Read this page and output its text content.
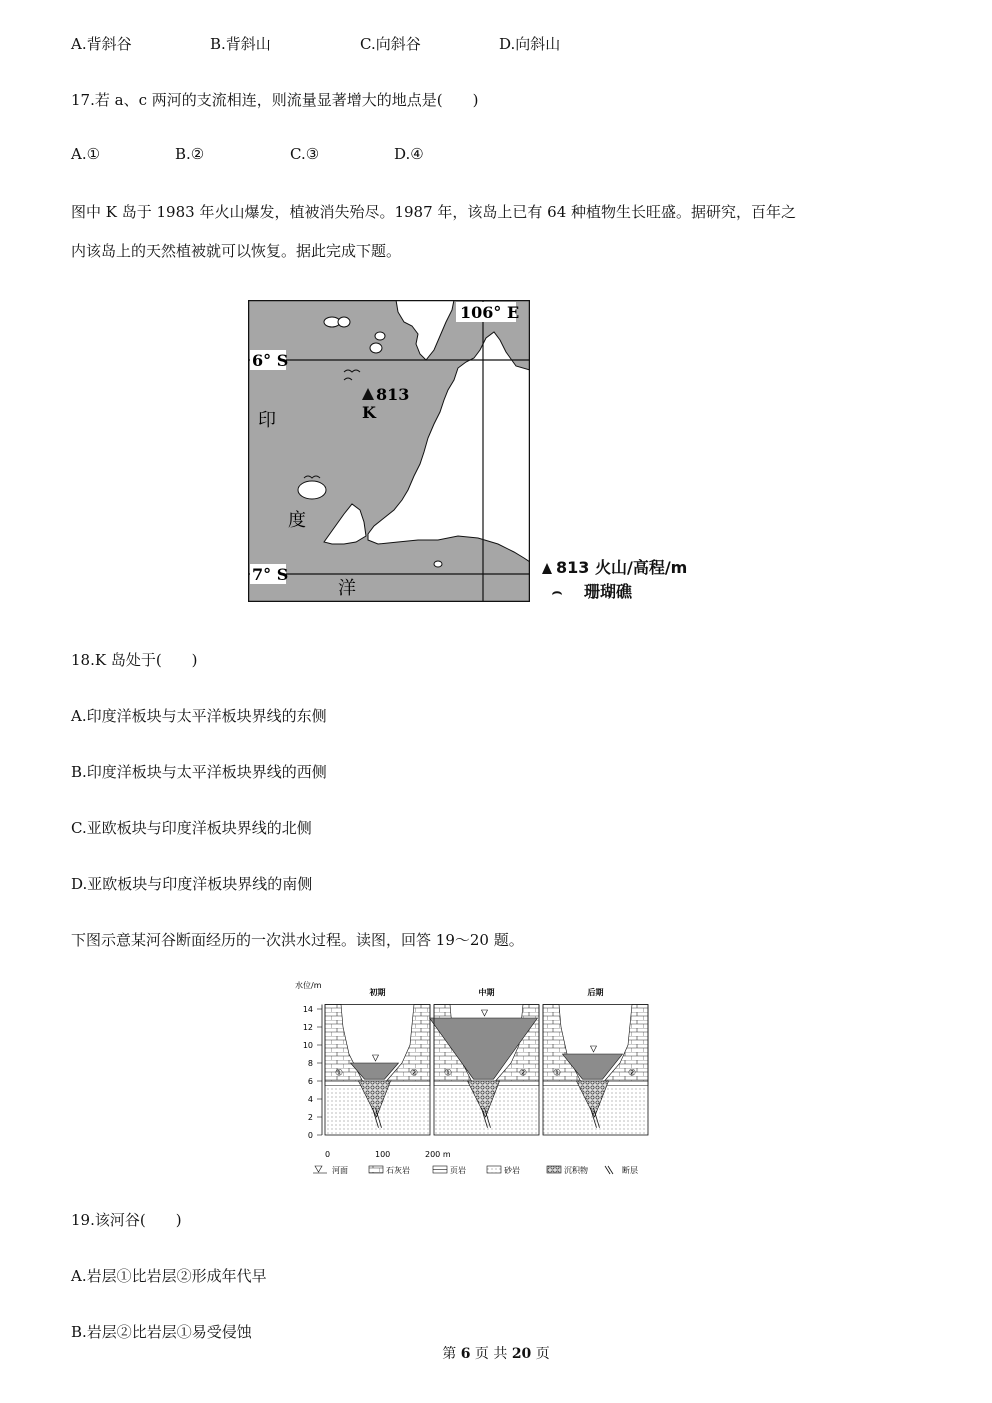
A.背斜谷	B.背斜山	C.向斜谷	D.向斜山
17.若 a、c 两河的支流相连，则流量显著增大的地点是(　　)
A.①	B.②	C.③	D.④
图中 K 岛于 1983 年火山爆发，植被消失殆尽。1987 年，该岛上已有 64 种植物生长旺盛。据研究，百年之
内该岛上的天然植被就可以恢复。据此完成下题。
106° E
6° S
7° S
813
K
印
度
洋
813 火山/高程/m
⌢ 珊瑚礁
18.K 岛处于(　　)
A.印度洋板块与太平洋板块界线的东侧
B.印度洋板块与太平洋板块界线的西侧
C.亚欧板块与印度洋板块界线的北侧
D.亚欧板块与印度洋板块界线的南侧
下图示意某河谷断面经历的一次洪水过程。读图，回答 19～20 题。
水位/m
14
12
10
8
6
4
2
0
0	100	200 m
初期
①	②
中期
①	②
后期
①	②
河面	石灰岩	页岩	砂岩	沉积物	断层
19.该河谷(　　)
A.岩层①比岩层②形成年代早
B.岩层②比岩层①易受侵蚀
第 6 页 共 20 页
